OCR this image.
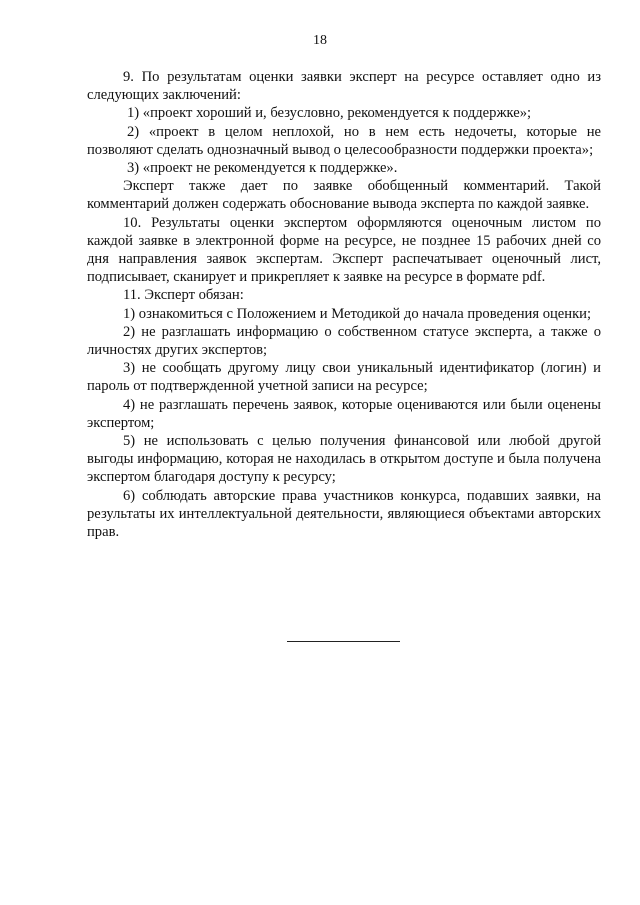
18

9. По результатам оценки заявки эксперт на ресурсе оставляет одно из следующих заключений:

1) «проект хороший и, безусловно, рекомендуется к поддержке»;

2) «проект в целом неплохой, но в нем есть недочеты, которые не позволяют сделать однозначный вывод о целесообразности поддержки проекта»;

3) «проект не рекомендуется к поддержке».

Эксперт также дает по заявке обобщенный комментарий. Такой комментарий должен содержать обоснование вывода эксперта по каждой заявке.

10. Результаты оценки экспертом оформляются оценочным листом по каждой заявке в электронной форме на ресурсе, не позднее 15 рабочих дней со дня направления заявок экспертам. Эксперт распечатывает оценочный лист, подписывает, сканирует и прикрепляет к заявке на ресурсе в формате pdf.

11. Эксперт обязан:

1) ознакомиться с Положением и Методикой до начала проведения оценки;

2) не разглашать информацию о собственном статусе эксперта, а также о личностях других экспертов;

3) не сообщать другому лицу свои уникальный идентификатор (логин) и пароль от подтвержденной учетной записи на ресурсе;

4) не разглашать перечень заявок, которые оцениваются или были оценены экспертом;

5) не использовать с целью получения финансовой или любой другой выгоды информацию, которая не находилась в открытом доступе и была получена экспертом благодаря доступу к ресурсу;

6) соблюдать авторские права участников конкурса, подавших заявки, на результаты их интеллектуальной деятельности, являющиеся объектами авторских прав.
